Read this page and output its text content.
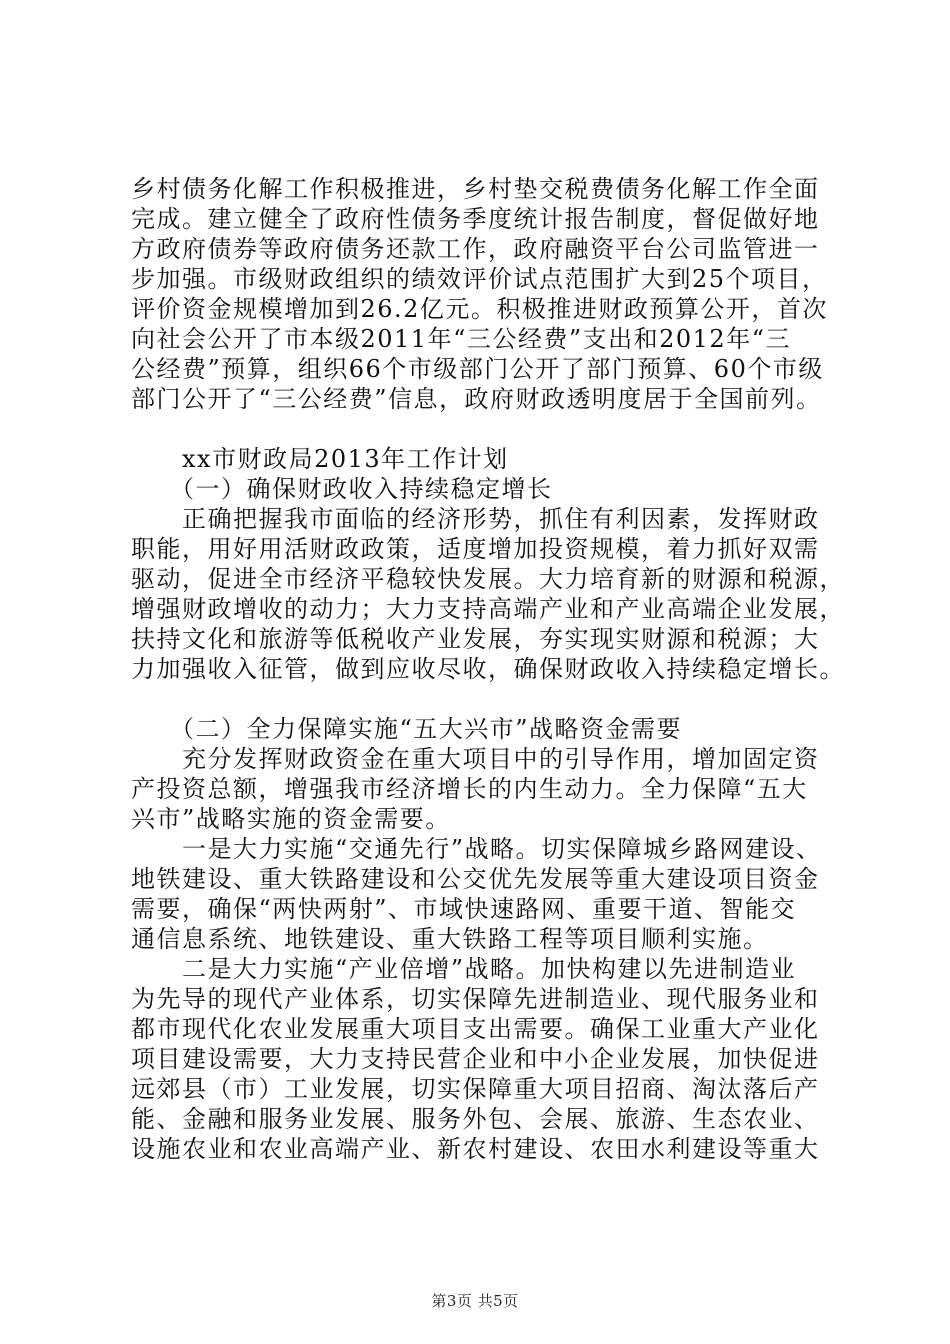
乡村债务化解工作积极推进，乡村垫交税费债务化解工作全面
完成。建立健全了政府性债务季度统计报告制度，督促做好地
方政府债券等政府债务还款工作，政府融资平台公司监管进一
步加强。市级财政组织的绩效评价试点范围扩大到25个项目，
评价资金规模增加到26.2亿元。积极推进财政预算公开，首次
向社会公开了市本级2011年“三公经费”支出和2012年“三
公经费”预算，组织66个市级部门公开了部门预算、60个市级
部门公开了“三公经费”信息，政府财政透明度居于全国前列。
　　xx市财政局2013年工作计划
　　（一）确保财政收入持续稳定增长
　　正确把握我市面临的经济形势，抓住有利因素，发挥财政
职能，用好用活财政政策，适度增加投资规模，着力抓好双需
驱动，促进全市经济平稳较快发展。大力培育新的财源和税源，
增强财政增收的动力；大力支持高端产业和产业高端企业发展，
扶持文化和旅游等低税收产业发展，夯实现实财源和税源；大
力加强收入征管，做到应收尽收，确保财政收入持续稳定增长。
　　（二）全力保障实施“五大兴市”战略资金需要
　　充分发挥财政资金在重大项目中的引导作用，增加固定资
产投资总额，增强我市经济增长的内生动力。全力保障“五大
兴市”战略实施的资金需要。
　　一是大力实施“交通先行”战略。切实保障城乡路网建设、
地铁建设、重大铁路建设和公交优先发展等重大建设项目资金
需要，确保“两快两射”、市域快速路网、重要干道、智能交
通信息系统、地铁建设、重大铁路工程等项目顺利实施。
　　二是大力实施“产业倍增”战略。加快构建以先进制造业
为先导的现代产业体系，切实保障先进制造业、现代服务业和
都市现代化农业发展重大项目支出需要。确保工业重大产业化
项目建设需要，大力支持民营企业和中小企业发展，加快促进
远郊县（市）工业发展，切实保障重大项目招商、淘汰落后产
能、金融和服务业发展、服务外包、会展、旅游、生态农业、
设施农业和农业高端产业、新农村建设、农田水利建设等重大
第3页 共5页
